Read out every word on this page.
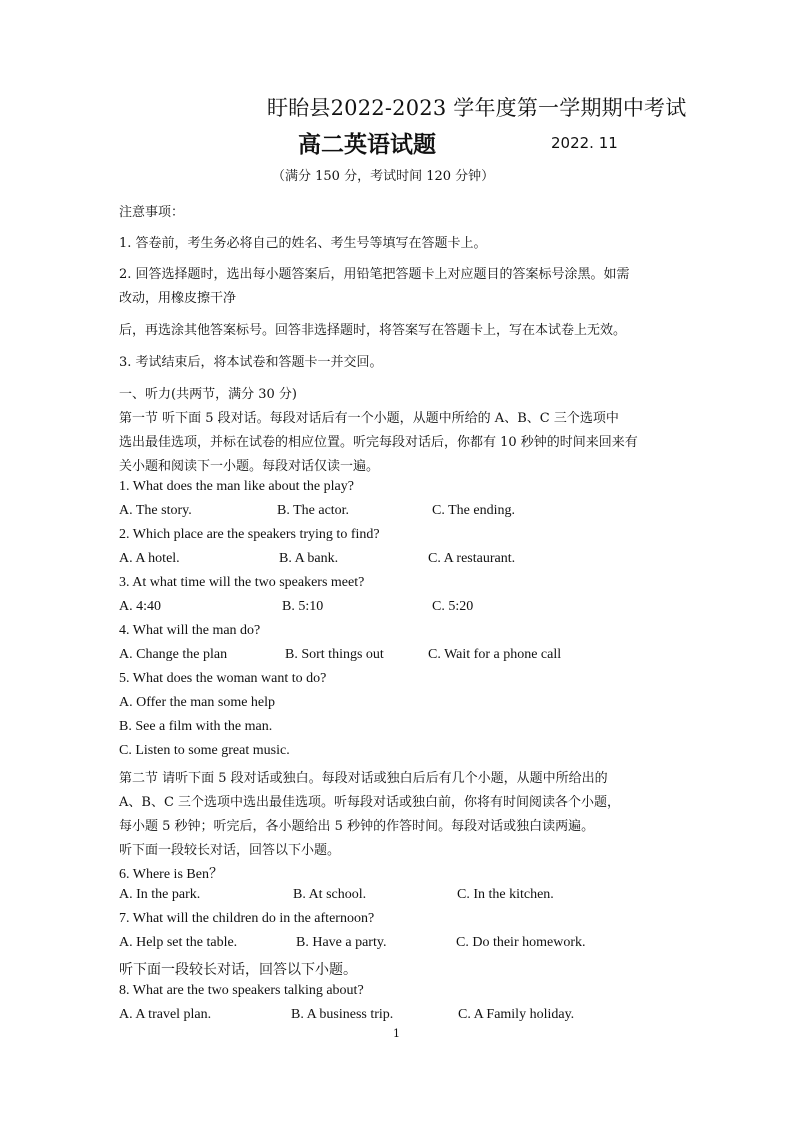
盱眙县2022-2023 学年度第一学期期中考试
高二英语试题	2022. 11
（满分 150 分，考试时间 120 分钟）
注意事项：
1. 答卷前，考生务必将自己的姓名、考生号等填写在答题卡上。
2. 回答选择题时，选出每小题答案后，用铅笔把答题卡上对应题目的答案标号涂黑。如需
改动，用橡皮擦干净
后，再选涂其他答案标号。回答非选择题时，将答案写在答题卡上，写在本试卷上无效。
3. 考试结束后，将本试卷和答题卡一并交回。
一、听力(共两节，满分 30 分)
第一节 听下面 5 段对话。每段对话后有一个小题，从题中所给的 A、B、C 三个选项中
选出最佳选项，并标在试卷的相应位置。听完每段对话后，你都有 10 秒钟的时间来回来有
关小题和阅读下一小题。每段对话仅读一遍。
1. What does the man like about the play?
A. The story.	B. The actor.	C. The ending.
2. Which place are the speakers trying to find?
A. A hotel.	B. A bank.	C. A restaurant.
3. At what time will the two speakers meet?
A. 4:40	B. 5:10	C. 5:20
4. What will the man do?
A. Change the plan	B. Sort things out	C. Wait for a phone call
5. What does the woman want to do?
A. Offer the man some help
B. See a film with the man.
C. Listen to some great music.
第二节 请听下面 5 段对话或独白。每段对话或独白后后有几个小题，从题中所给出的
A、B、C 三个选项中选出最佳选项。听每段对话或独白前，你将有时间阅读各个小题，
每小题 5 秒钟；听完后，各小题给出 5 秒钟的作答时间。每段对话或独白读两遍。
听下面一段较长对话，回答以下小题。
6. Where is Ben？
A. In the park.	B. At school.	C. In the kitchen.
7. What will the children do in the afternoon?
A. Help set the table.	B. Have a party.	C. Do their homework.
听下面一段较长对话，回答以下小题。
8. What are the two speakers talking about?
A. A travel plan.	B. A business trip.	C. A Family holiday.
1
